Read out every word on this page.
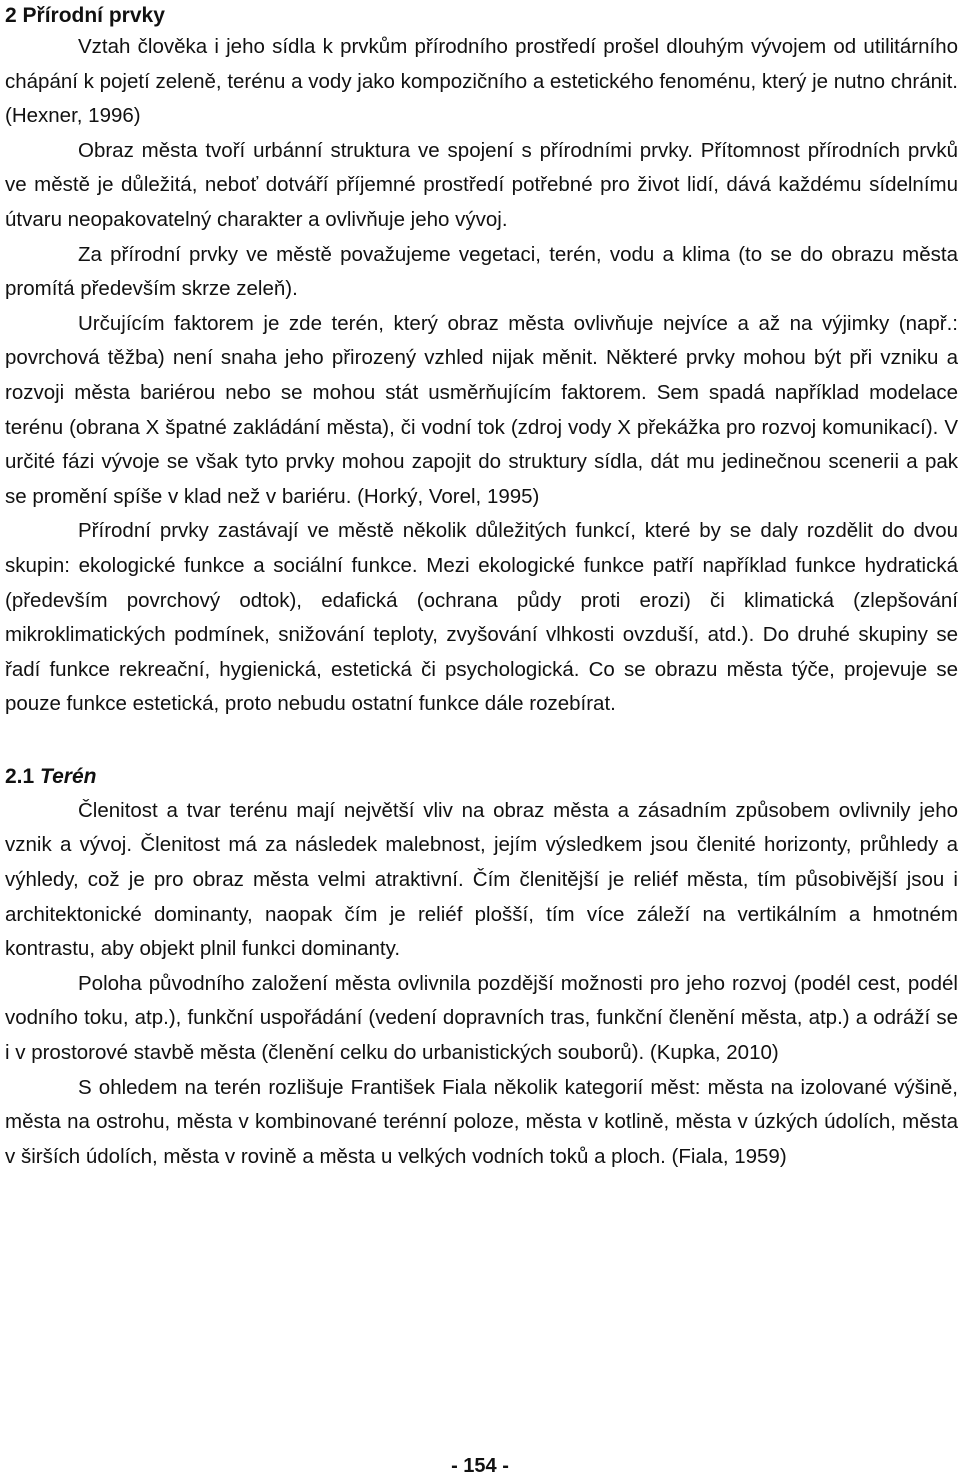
2 Přírodní prvky

Vztah člověka i jeho sídla k prvkům přírodního prostředí prošel dlouhým vývojem od utilitárního chápání k pojetí zeleně, terénu a vody jako kompozičního a estetického fenoménu, který je nutno chránit. (Hexner, 1996)

Obraz města tvoří urbánní struktura ve spojení s přírodními prvky. Přítomnost přírodních prvků ve městě je důležitá, neboť dotváří příjemné prostředí potřebné pro život lidí, dává každému sídelnímu útvaru neopakovatelný charakter a ovlivňuje jeho vývoj.

Za přírodní prvky ve městě považujeme vegetaci, terén, vodu a klima (to se do obrazu města promítá především skrze zeleň).

Určujícím faktorem je zde terén, který obraz města ovlivňuje nejvíce a až na výjimky (např.: povrchová těžba) není snaha jeho přirozený vzhled nijak měnit. Některé prvky mohou být při vzniku a rozvoji města bariérou nebo se mohou stát usměrňujícím faktorem. Sem spadá například modelace terénu (obrana X špatné zakládání města), či vodní tok (zdroj vody X překážka pro rozvoj komunikací). V určité fázi vývoje se však tyto prvky mohou zapojit do struktury sídla, dát mu jedinečnou scenerii a pak se promění spíše v klad než v bariéru. (Horký, Vorel, 1995)

Přírodní prvky zastávají ve městě několik důležitých funkcí, které by se daly rozdělit do dvou skupin: ekologické funkce a sociální funkce. Mezi ekologické funkce patří například funkce hydratická (především povrchový odtok), edafická (ochrana půdy proti erozi) či klimatická (zlepšování mikroklimatických podmínek, snižování teploty, zvyšování vlhkosti ovzduší, atd.). Do druhé skupiny se řadí funkce rekreační, hygienická, estetická či psychologická. Co se obrazu města týče, projevuje se pouze funkce estetická, proto nebudu ostatní funkce dále rozebírat.

2.1 Terén

Členitost a tvar terénu mají největší vliv na obraz města a zásadním způsobem ovlivnily jeho vznik a vývoj. Členitost má za následek malebnost, jejím výsledkem jsou členité horizonty, průhledy a výhledy, což je pro obraz města velmi atraktivní. Čím členitější je reliéf města, tím působivější jsou i architektonické dominanty, naopak čím je reliéf plošší, tím více záleží na vertikálním a hmotném kontrastu, aby objekt plnil funkci dominanty.

Poloha původního založení města ovlivnila pozdější možnosti pro jeho rozvoj (podél cest, podél vodního toku, atp.), funkční uspořádání (vedení dopravních tras, funkční členění města, atp.) a odráží se i v prostorové stavbě města (členění celku do urbanistických souborů). (Kupka, 2010)

S ohledem na terén rozlišuje František Fiala několik kategorií měst: města na izolované výšině, města na ostrohu, města v kombinované terénní poloze, města v kotlině, města v úzkých údolích, města v širších údolích, města v rovině a města u velkých vodních toků a ploch. (Fiala, 1959)

- 154 -
